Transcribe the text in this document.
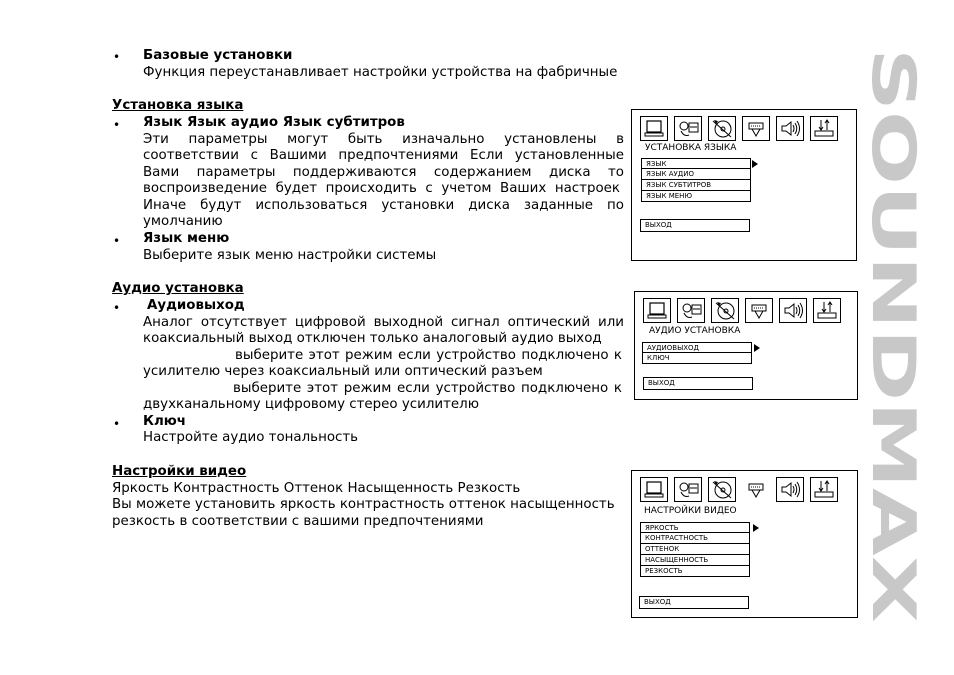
SOUNDMAX
• Базовые установки
Функция переустанавливает настройки устройства на фабричные
Установка языка
• Язык Язык аудио Язык субтитров
Эти параметры могут быть изначально установлены в
соответствии с Вашими предпочтениями Если установленные
Вами параметры поддерживаются содержанием диска то
воспроизведение будет происходить с учетом Ваших настроек
Иначе будут использоваться установки диска заданные по
умолчанию
• Язык меню
Выберите язык меню настройки системы
Аудио установка
• Аудиовыход
Аналог отсутствует цифровой выходной сигнал оптический или
коаксиальный выход отключен только аналоговый аудио выход
выберите этот режим если устройство подключено к
усилителю через коаксиальный или оптический разъем
выберите этот режим если устройство подключено к
двухканальному цифровому стерео усилителю
• Ключ
Настройте аудио тональность
Настройки видео
Яркость Контрастность Оттенок Насыщенность Резкость
Вы можете установить яркость контрастность оттенок насыщенность
резкость в соответствии с вашими предпочтениями
УСТАНОВКА ЯЗЫКА
ЯЗЫК
ЯЗЫК АУДИО
ЯЗЫК СУБТИТРОВ
ЯЗЫК МЕНЮ
ВЫХОД
АУДИО УСТАНОВКА
АУДИОВЫХОД
КЛЮЧ
ВЫХОД
НАСТРОЙКИ ВИДЕО
ЯРКОСТЬ
КОНТРАСТНОСТЬ
ОТТЕНОК
НАСЫЩЕННОСТЬ
РЕЗКОСТЬ
ВЫХОД
